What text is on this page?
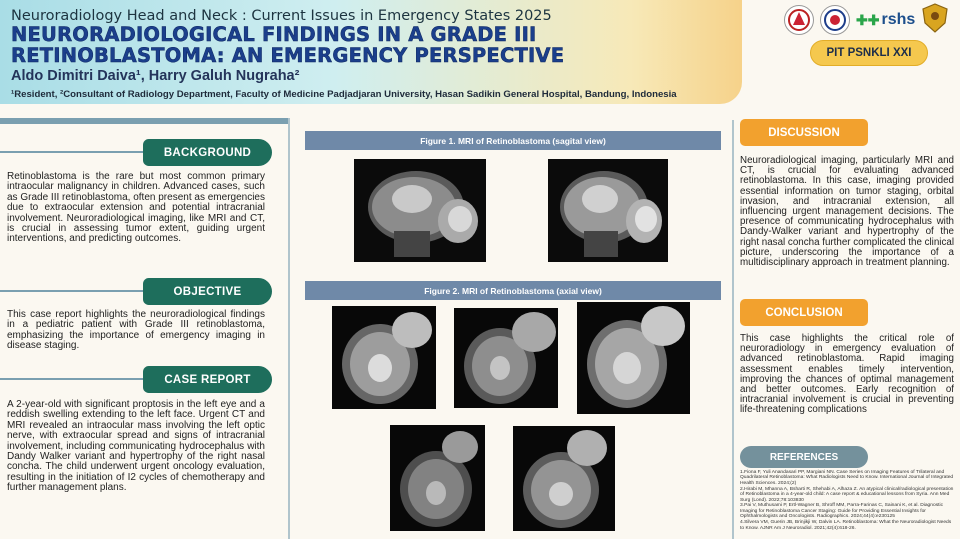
Neuroradiology Head and Neck : Current Issues in Emergency States 2025
NEURORADIOLOGICAL FINDINGS IN A GRADE III RETINOBLASTOMA: AN EMERGENCY PERSPECTIVE
Aldo Dimitri Daiva¹, Harry Galuh Nugraha²
¹Resident, ²Consultant of Radiology Department, Faculty of Medicine Padjadjaran University, Hasan Sadikin General Hospital, Bandung, Indonesia
✚✚ rshs
PIT PSNKLI XXI
BACKGROUND
Retinoblastoma is the rare but most common primary intraocular malignancy in children. Advanced cases, such as Grade III retinoblastoma, often present as emergencies due to extraocular extension and potential intracranial involvement. Neuroradiological imaging, like MRI and CT, is crucial in assessing tumor extent, guiding urgent interventions, and predicting outcomes.
OBJECTIVE
This case report highlights the neuroradiological findings in a pediatric patient with Grade III retinoblastoma, emphasizing the importance of emergency imaging in disease staging.
CASE REPORT
A 2-year-old with significant proptosis in the left eye and a reddish swelling extending to the left face. Urgent CT and MRI revealed an intraocular mass involving the left optic nerve, with extraocular spread and signs of intracranial involvement, including communicating hydrocephalus with Dandy Walker variant and hypertrophy of the right nasal concha. The child underwent urgent oncology evaluation, resulting in the initiation of I2 cycles of chemotherapy and further management plans.
Figure 1. MRI of Retinoblastoma (sagital view)
Figure 2. MRI of Retinoblastoma (axial view)
DISCUSSION
Neuroradiological imaging, particularly MRI and CT, is crucial for evaluating advanced retinoblastoma. In this case, imaging provided essential information on tumor staging, orbital invasion, and intracranial extension, all influencing urgent management decisions. The presence of communicating hydrocephalus with Dandy-Walker variant and hypertrophy of the right nasal concha further complicated the clinical picture, underscoring the importance of a multidisciplinary approach in treatment planning.
CONCLUSION
This case highlights the critical role of neuroradiology in emergency evaluation of advanced retinoblastoma. Rapid imaging assessment enables timely intervention, improving the chances of optimal management and better outcomes. Early recognition of intracranial involvement is crucial in preventing life-threatening complications
REFERENCES
1.Fiona F, Yuli Anandasari PP, Margiani NN. Case Series on Imaging Features of Trilateral and Quadrilateral Retinoblastoma: What Radiologists Need to Know. International Journal of Integrated Health Sciences. 2024;(2)
2.Hirabi M, Mhanna A, Bsharti R, Shehabi A, Alhaza Z. An atypical clinical/radiological presentation of Retinoblastoma in a 4-year-old child: A case report & educational lessons from Syria. Ann Med Surg (Lond). 2022;78:103830
3.Pai V, Muthusami P, Ertl-Wagner B, Shroff MM, Parra-Farinas C, Sainani K, et al. Diagnostic Imaging for Retinoblastoma Cancer Staging: Guide for Providing Essential Insights for Ophthalmologists and Oncologists. Radiographics. 2024;44(4):e230125
4.Silvera VM, Guerin JB, Brinjikji W, Dalvin LA. Retinoblastoma: What the Neuroradiologist Needs to Know. AJNR Am J Neuroradiol. 2021;42(4):618-26.
